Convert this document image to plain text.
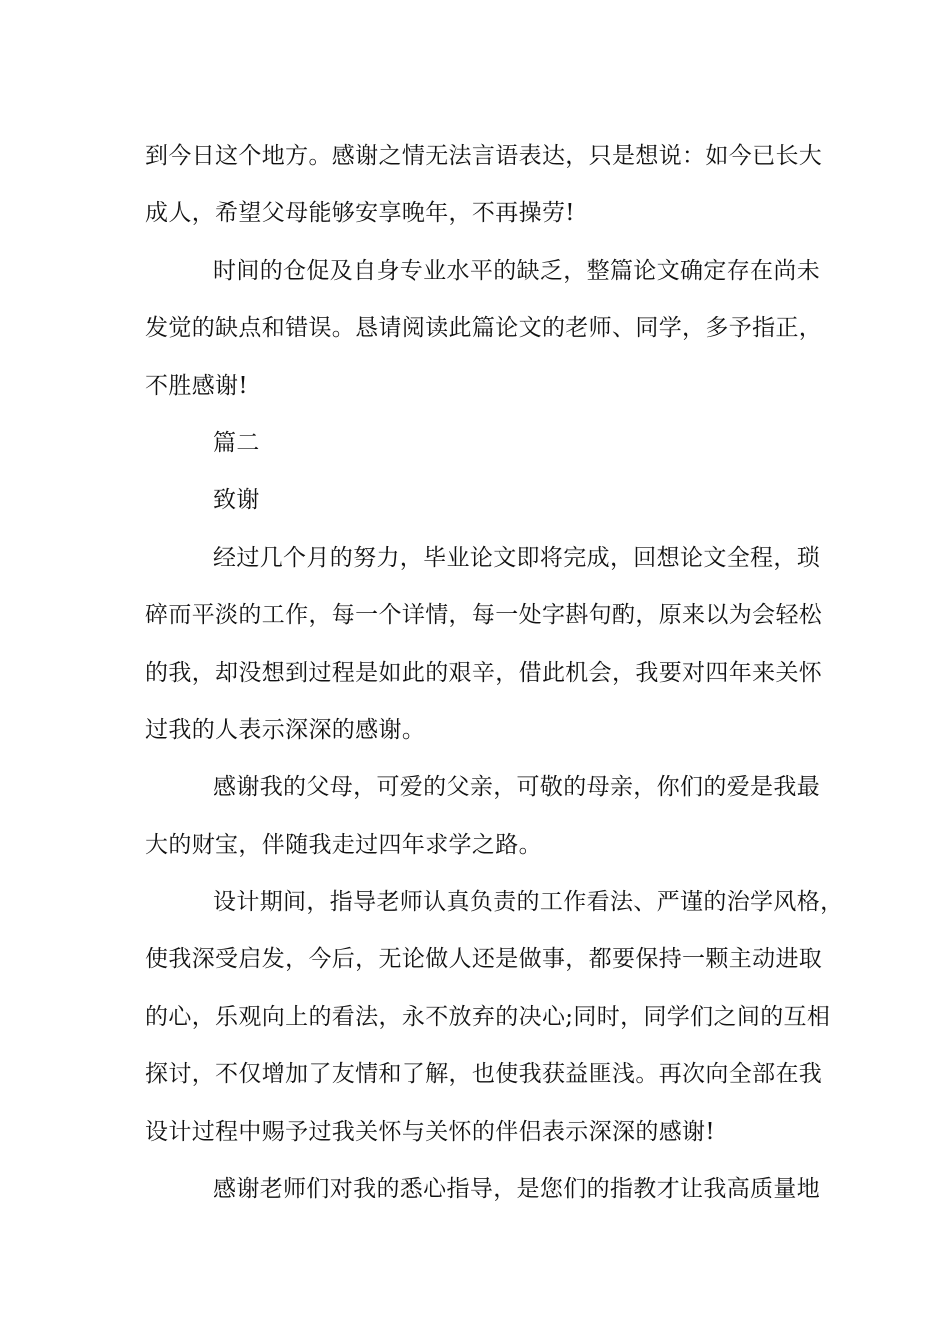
到今日这个地方。感谢之情无法言语表达，只是想说：如今已长大
成人，希望父母能够安享晚年，不再操劳!
时间的仓促及自身专业水平的缺乏，整篇论文确定存在尚未
发觉的缺点和错误。恳请阅读此篇论文的老师、同学，多予指正，
不胜感谢!
篇二
致谢
经过几个月的努力，毕业论文即将完成，回想论文全程，琐
碎而平淡的工作，每一个详情，每一处字斟句酌，原来以为会轻松
的我，却没想到过程是如此的艰辛，借此机会，我要对四年来关怀
过我的人表示深深的感谢。
感谢我的父母，可爱的父亲，可敬的母亲，你们的爱是我最
大的财宝，伴随我走过四年求学之路。
设计期间，指导老师认真负责的工作看法、严谨的治学风格，
使我深受启发，今后，无论做人还是做事，都要保持一颗主动进取
的心，乐观向上的看法，永不放弃的决心;同时，同学们之间的互相
探讨，不仅增加了友情和了解，也使我获益匪浅。再次向全部在我
设计过程中赐予过我关怀与关怀的伴侣表示深深的感谢!
感谢老师们对我的悉心指导，是您们的指教才让我高质量地
